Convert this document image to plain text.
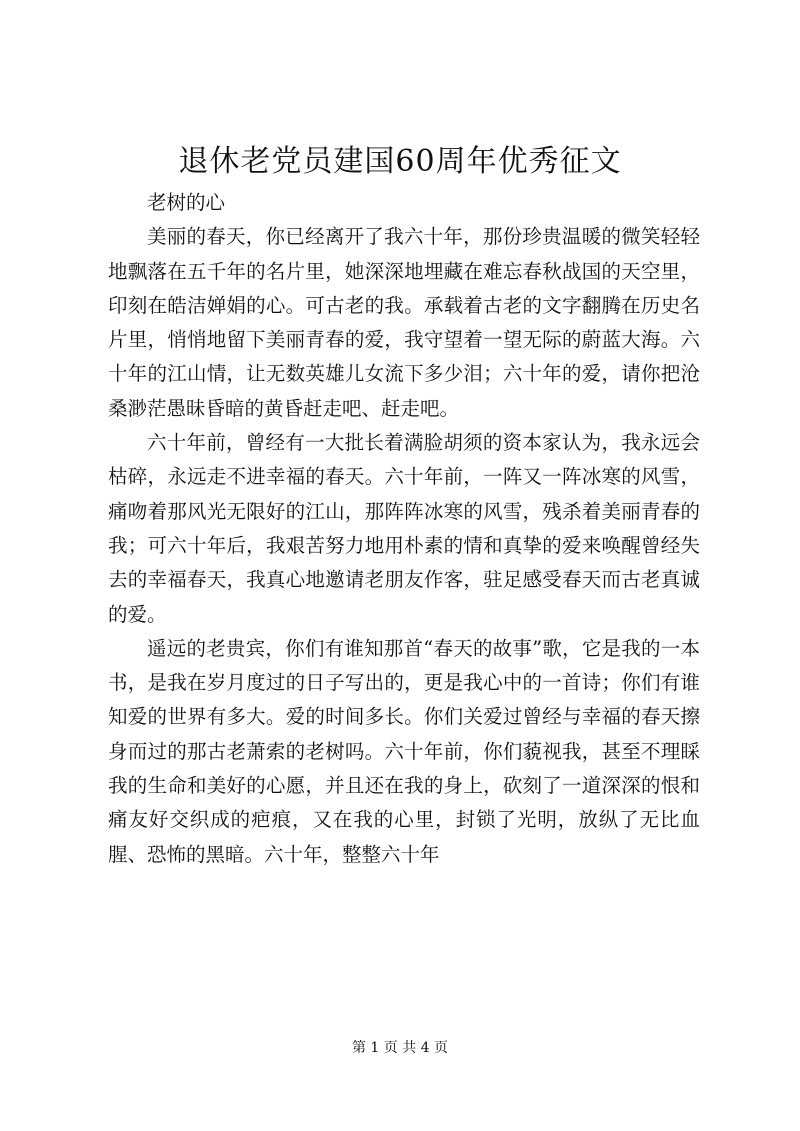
退休老党员建国60周年优秀征文

老树的心

美丽的春天，你已经离开了我六十年，那份珍贵温暖的微笑轻轻地飘落在五千年的名片里，她深深地埋藏在难忘春秋战国的天空里，印刻在皓洁婵娟的心。可古老的我。承载着古老的文字翻腾在历史名片里，悄悄地留下美丽青春的爱，我守望着一望无际的蔚蓝大海。六十年的江山情，让无数英雄儿女流下多少泪；六十年的爱，请你把沧桑渺茫愚昧昏暗的黄昏赶走吧、赶走吧。

六十年前，曾经有一大批长着满脸胡须的资本家认为，我永远会枯碎，永远走不进幸福的春天。六十年前，一阵又一阵冰寒的风雪，痛吻着那风光无限好的江山，那阵阵冰寒的风雪，残杀着美丽青春的我；可六十年后，我艰苦努力地用朴素的情和真挚的爱来唤醒曾经失去的幸福春天，我真心地邀请老朋友作客，驻足感受春天而古老真诚的爱。

遥远的老贵宾，你们有谁知那首“春天的故事”歌，它是我的一本书，是我在岁月度过的日子写出的，更是我心中的一首诗；你们有谁知爱的世界有多大。爱的时间多长。你们关爱过曾经与幸福的春天擦身而过的那古老萧索的老树吗。六十年前，你们藐视我，甚至不理睬我的生命和美好的心愿，并且还在我的身上，砍刻了一道深深的恨和痛友好交织成的疤痕，又在我的心里，封锁了光明，放纵了无比血腥、恐怖的黑暗。六十年，整整六十年

第 1 页 共 4 页
